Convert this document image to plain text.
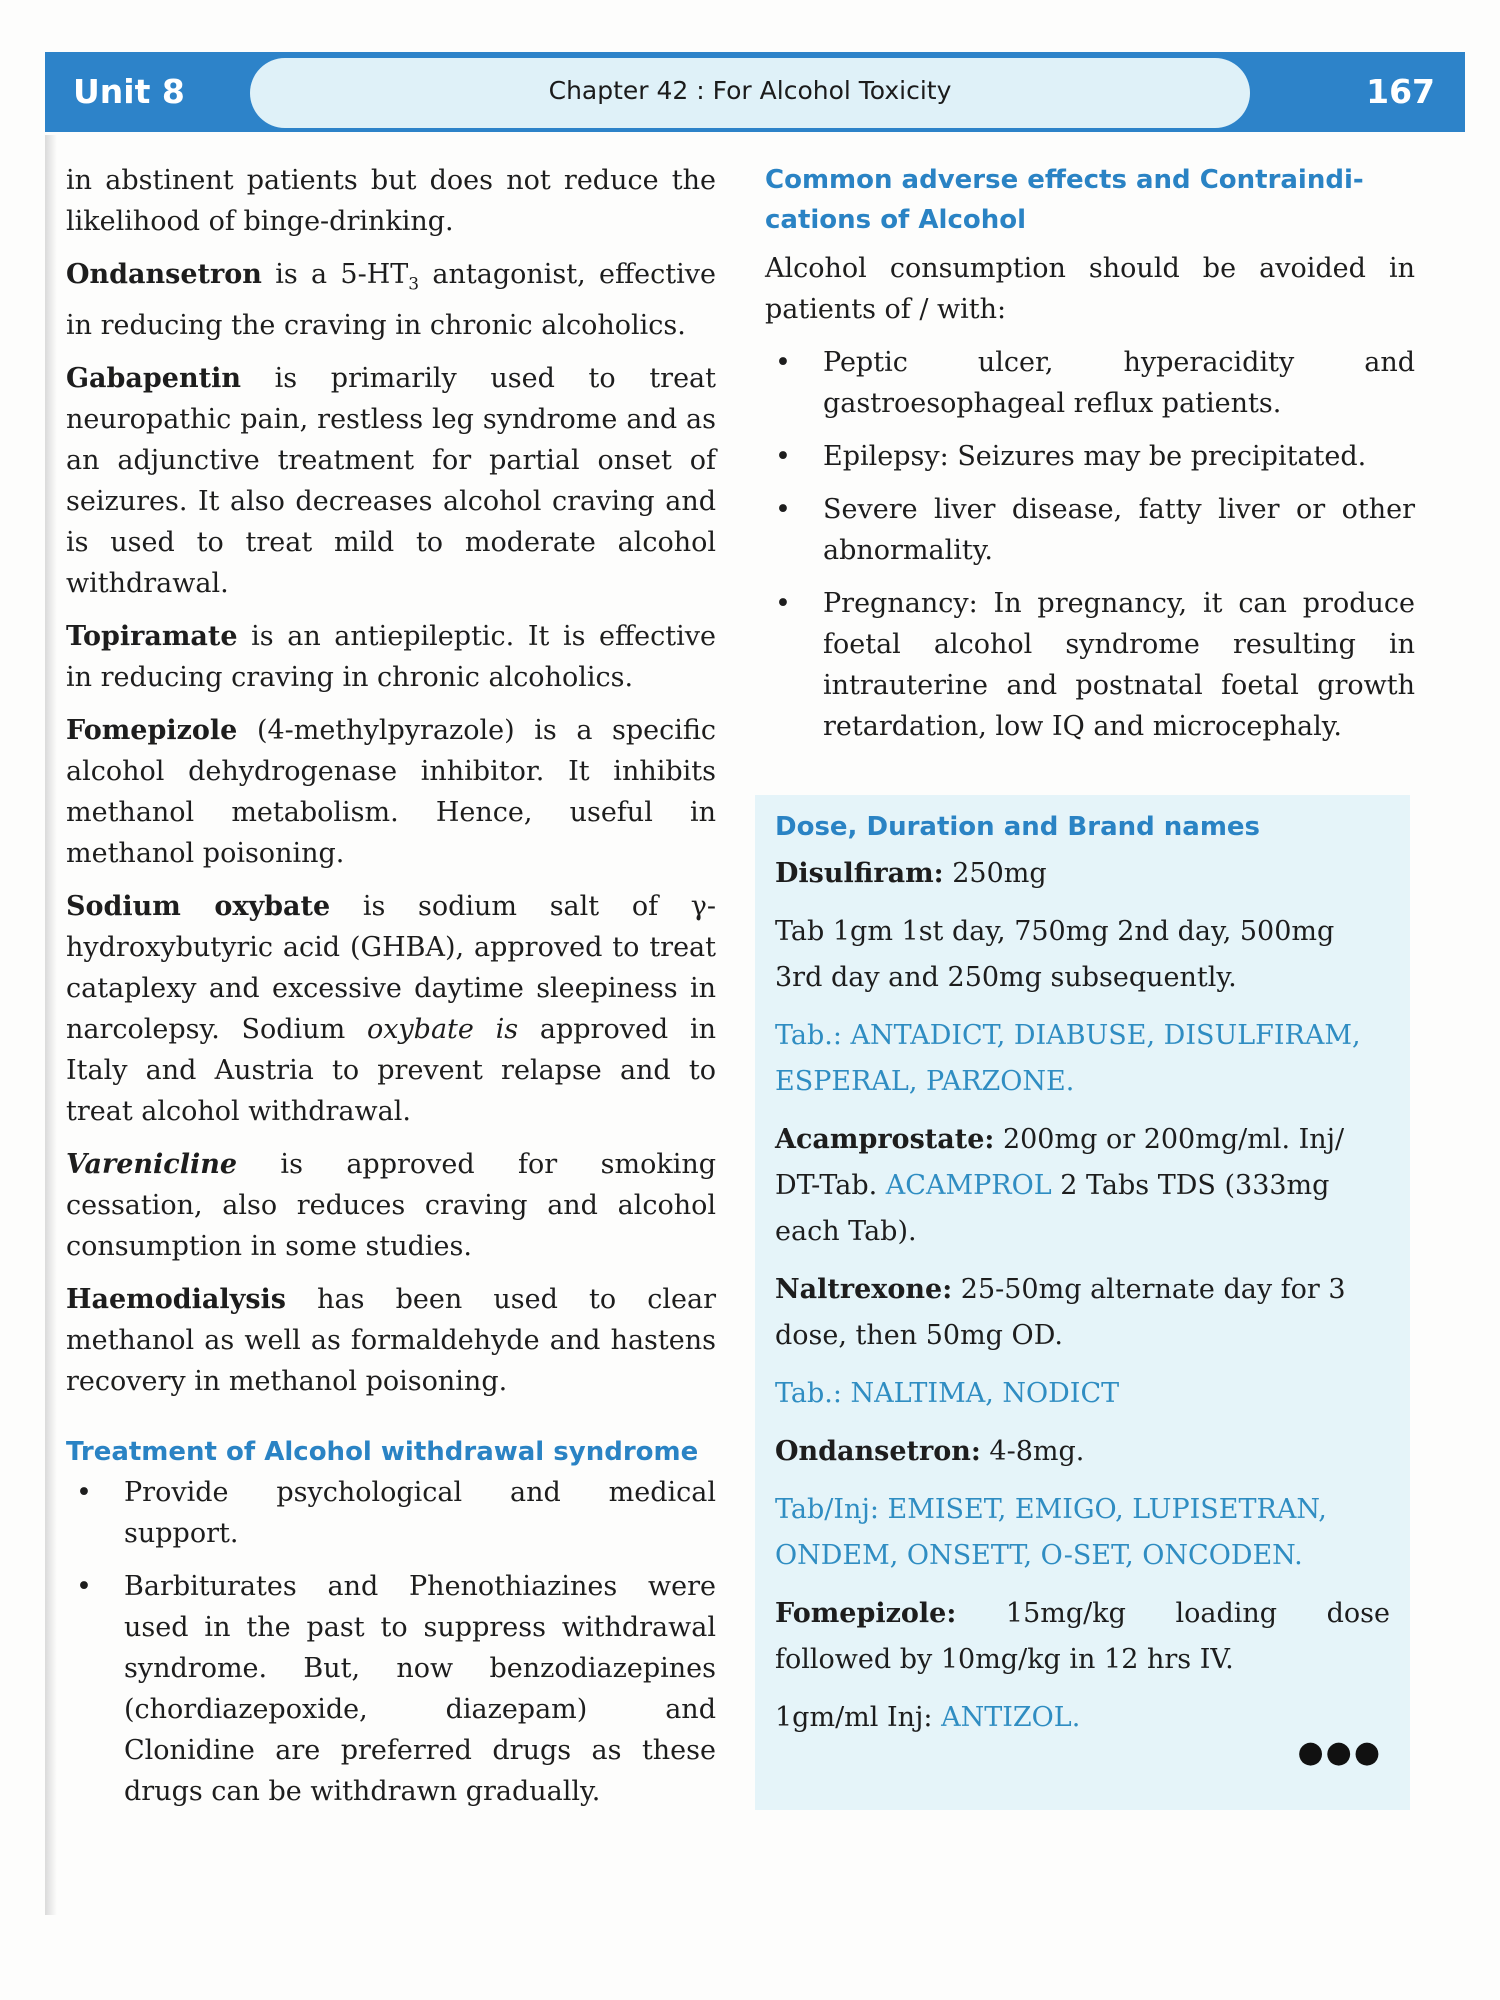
Unit 8	Chapter 42 : For Alcohol Toxicity	167

in abstinent patients but does not reduce the likelihood of binge-drinking.

Ondansetron is a $5-HT_3$ antagonist, effective in reducing the craving in chronic alcoholics.

Gabapentin is primarily used to treat neuropathic pain, restless leg syndrome and as an adjunctive treatment for partial onset of seizures. It also decreases alcohol craving and is used to treat mild to moderate alcohol withdrawal.

Topiramate is an antiepileptic. It is effective in reducing craving in chronic alcoholics.

Fomepizole (4-methylpyrazole) is a specific alcohol dehydrogenase inhibitor. It inhibits methanol metabolism. Hence, useful in methanol poisoning.

Sodium oxybate is sodium salt of γ-hydroxybutyric acid (GHBA), approved to treat cataplexy and excessive daytime sleepiness in narcolepsy. Sodium oxybate is approved in Italy and Austria to prevent relapse and to treat alcohol withdrawal.

Varenicline is approved for smoking cessation, also reduces craving and alcohol consumption in some studies.

Haemodialysis has been used to clear methanol as well as formaldehyde and hastens recovery in methanol poisoning.

Treatment of Alcohol withdrawal syndrome
• Provide psychological and medical support.
• Barbiturates and Phenothiazines were used in the past to suppress withdrawal syndrome. But, now benzodiazepines (chordiazepoxide, diazepam) and Clonidine are preferred drugs as these drugs can be withdrawn gradually.
Common adverse effects and Contraindi-cations of Alcohol

Alcohol consumption should be avoided in patients of / with:

• Peptic ulcer, hyperacidity and gastroesophageal reflux patients.
• Epilepsy: Seizures may be precipitated.
• Severe liver disease, fatty liver or other abnormality.
• Pregnancy: In pregnancy, it can produce foetal alcohol syndrome resulting in intrauterine and postnatal foetal growth retardation, low IQ and microcephaly.
Dose, Duration and Brand names
Disulfiram: 250mg
Tab 1gm 1st day, 750mg 2nd day, 500mg 3rd day and 250mg subsequently.
Tab.: ANTADICT, DIABUSE, DISULFIRAM, ESPERAL, PARZONE.
Acamprostate: 200mg or 200mg/ml. Inj/ DT-Tab. ACAMPROL 2 Tabs TDS (333mg each Tab).
Naltrexone: 25-50mg alternate day for 3 dose, then 50mg OD.
Tab.: NALTIMA, NODICT
Ondansetron: 4-8mg.
Tab/Inj: EMISET, EMIGO, LUPISETRAN, ONDEM, ONSETT, O-SET, ONCODEN.
Fomepizole: 15mg/kg loading dose followed by 10mg/kg in 12 hrs IV.
1gm/ml Inj: ANTIZOL.
●●●
